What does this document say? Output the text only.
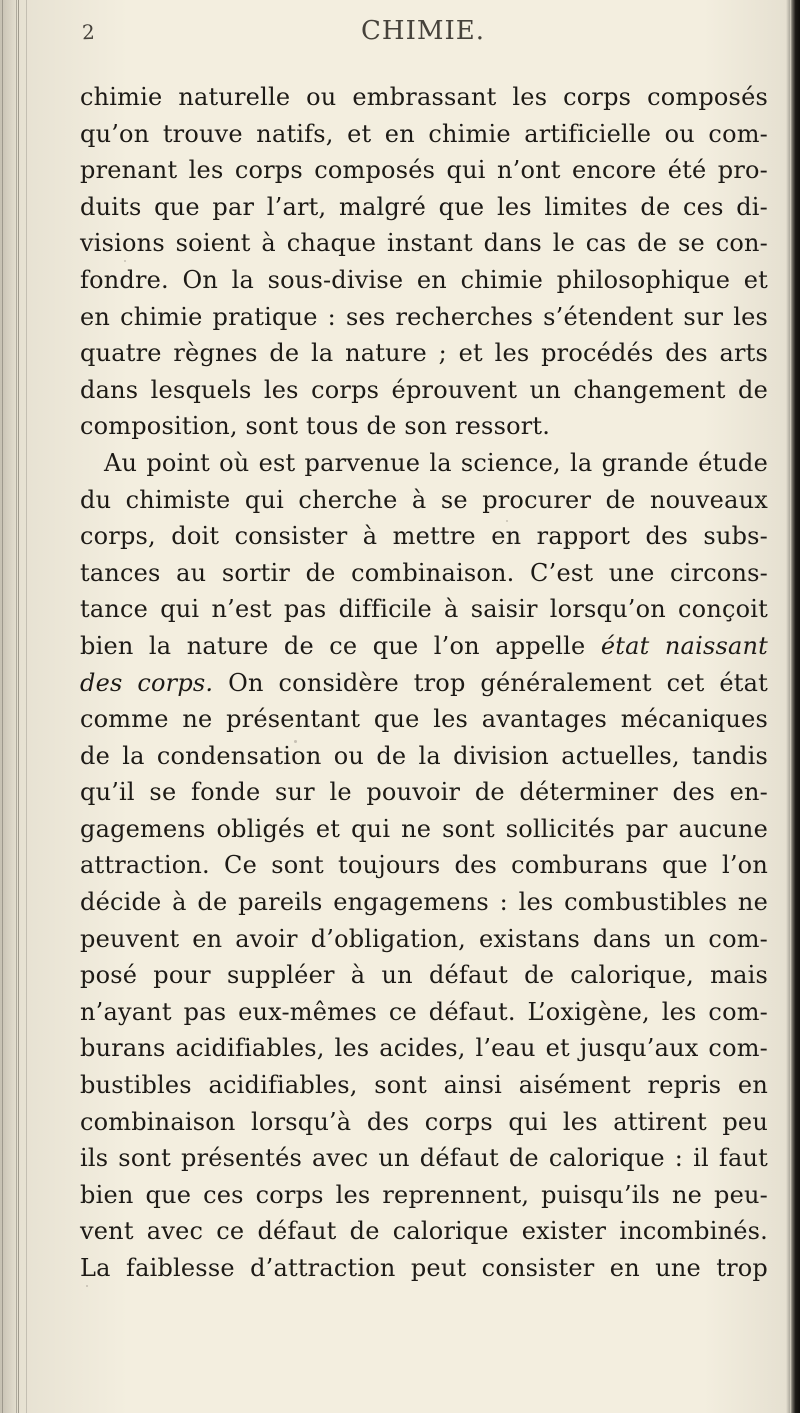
2	CHIMIE.
chimie naturelle ou embrassant les corps composés
qu’on trouve natifs, et en chimie artificielle ou com-
prenant les corps composés qui n’ont encore été pro-
duits que par l’art, malgré que les limites de ces di-
visions soient à chaque instant dans le cas de se con-
fondre. On la sous-divise en chimie philosophique et
en chimie pratique : ses recherches s’étendent sur les
quatre règnes de la nature ; et les procédés des arts
dans lesquels les corps éprouvent un changement de
composition, sont tous de son ressort.
Au point où est parvenue la science, la grande étude
du chimiste qui cherche à se procurer de nouveaux
corps, doit consister à mettre en rapport des subs-
tances au sortir de combinaison. C’est une circons-
tance qui n’est pas difficile à saisir lorsqu’on conçoit
bien la nature de ce que l’on appelle état naissant
des corps. On considère trop généralement cet état
comme ne présentant que les avantages mécaniques
de la condensation ou de la division actuelles, tandis
qu’il se fonde sur le pouvoir de déterminer des en-
gagemens obligés et qui ne sont sollicités par aucune
attraction. Ce sont toujours des comburans que l’on
décide à de pareils engagemens : les combustibles ne
peuvent en avoir d’obligation, existans dans un com-
posé pour suppléer à un défaut de calorique, mais
n’ayant pas eux-mêmes ce défaut. L’oxigène, les com-
burans acidifiables, les acides, l’eau et jusqu’aux com-
bustibles acidifiables, sont ainsi aisément repris en
combinaison lorsqu’à des corps qui les attirent peu
ils sont présentés avec un défaut de calorique : il faut
bien que ces corps les reprennent, puisqu’ils ne peu-
vent avec ce défaut de calorique exister incombinés.
La faiblesse d’attraction peut consister en une trop
